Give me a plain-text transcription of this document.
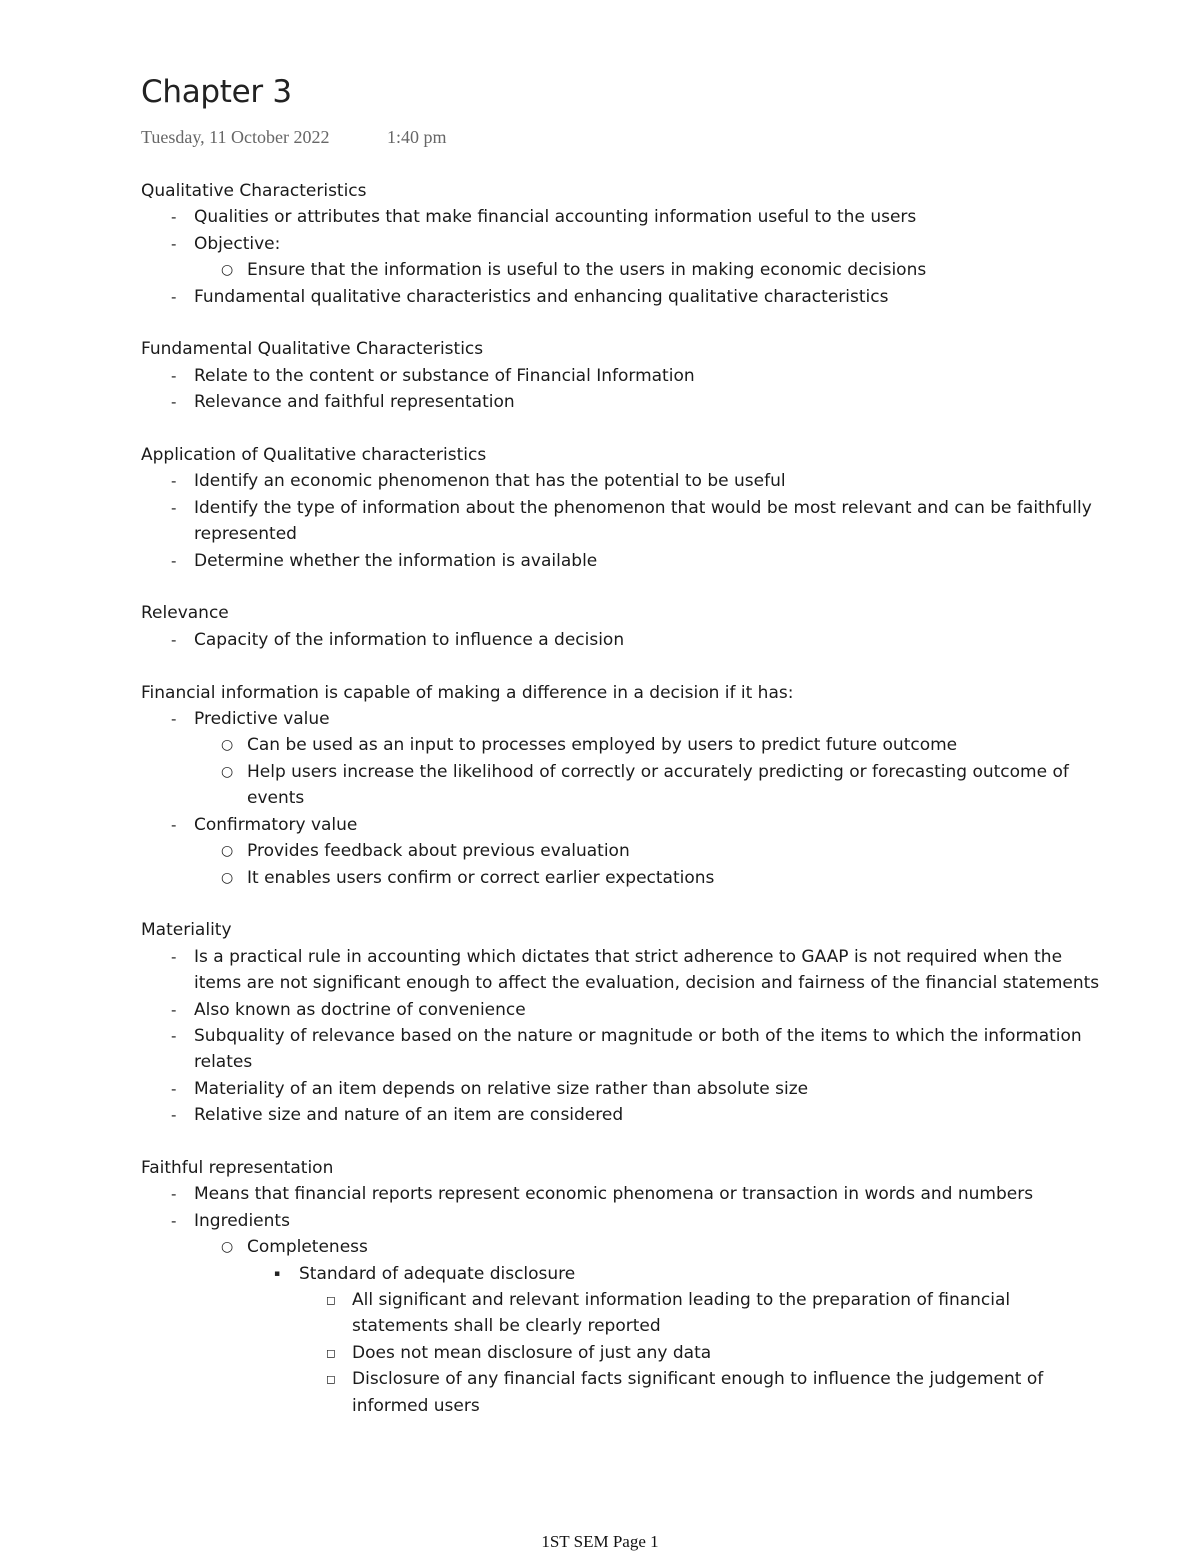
Chapter 3
Tuesday, 11 October 2022	1:40 pm
Qualitative Characteristics
- Qualities or attributes that make financial accounting information useful to the users
- Objective:
○ Ensure that the information is useful to the users in making economic decisions
- Fundamental qualitative characteristics and enhancing qualitative characteristics
Fundamental Qualitative Characteristics
- Relate to the content or substance of Financial Information
- Relevance and faithful representation
Application of Qualitative characteristics
- Identify an economic phenomenon that has the potential to be useful
- Identify the type of information about the phenomenon that would be most relevant and can be faithfully represented
- Determine whether the information is available
Relevance
- Capacity of the information to influence a decision
Financial information is capable of making a difference in a decision if it has:
- Predictive value
○ Can be used as an input to processes employed by users to predict future outcome
○ Help users increase the likelihood of correctly or accurately predicting or forecasting outcome of events
- Confirmatory value
○ Provides feedback about previous evaluation
○ It enables users confirm or correct earlier expectations
Materiality
- Is a practical rule in accounting which dictates that strict adherence to GAAP is not required when the items are not significant enough to affect the evaluation, decision and fairness of the financial statements
- Also known as doctrine of convenience
- Subquality of relevance based on the nature or magnitude or both of the items to which the information relates
- Materiality of an item depends on relative size rather than absolute size
- Relative size and nature of an item are considered
Faithful representation
- Means that financial reports represent economic phenomena or transaction in words and numbers
- Ingredients
○ Completeness
▪ Standard of adequate disclosure
◻ All significant and relevant information leading to the preparation of financial statements shall be clearly reported
◻ Does not mean disclosure of just any data
◻ Disclosure of any financial facts significant enough to influence the judgement of informed users
1ST SEM Page 1
